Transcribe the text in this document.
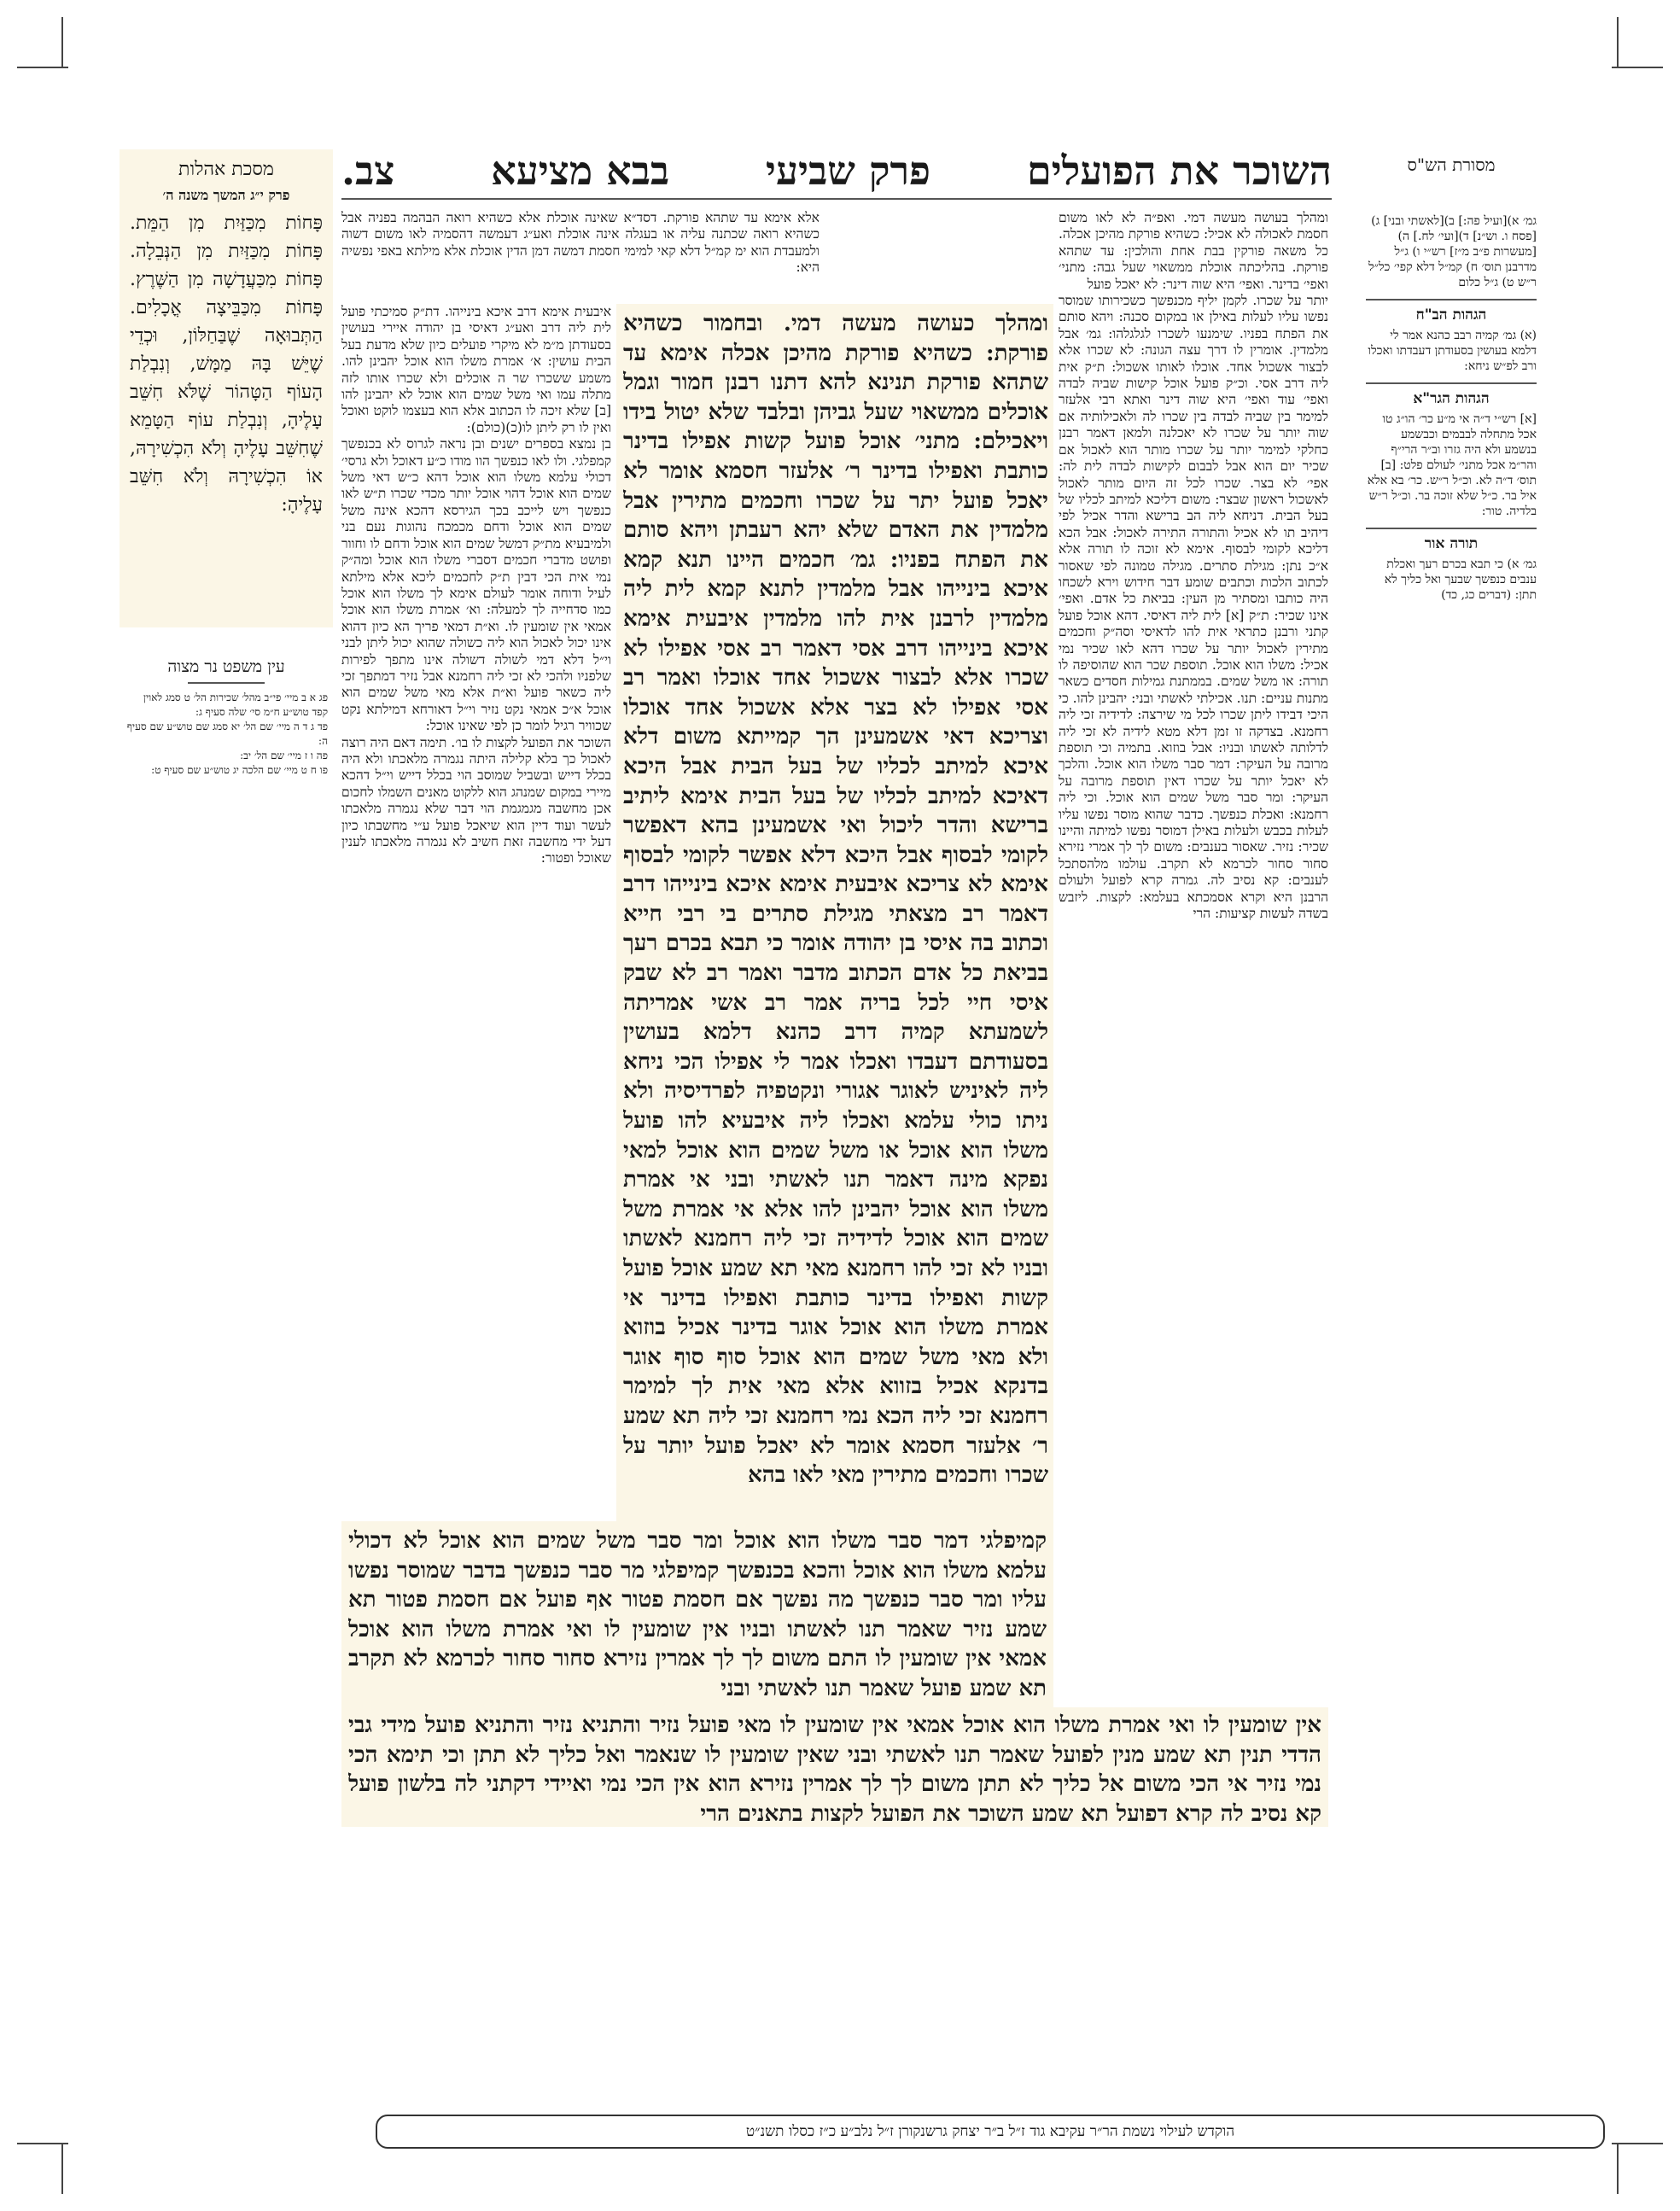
השוכר את הפועלים
פרק שביעי
בבא מציעא
צב.	מסורת הש"ס
גמ׳ א)[ועיל פה:] ב)[לאשתי ובני] ג)[פסח ו. וש״נ] ד)[ועי׳ לח.] ה)[מעשרות פ״ב מ״ז] רש״י ו) ג״ל מדרבנן תוס׳ ח) קמ״ל דלא קפי׳ כל״ל ר״ש ט) ג״ל כלום
הגהות הב"ח
(א) גמ׳ קמיה רבב כהנא אמר לי דלמא בעושין בסעודתן דעבדתו ואכלו ורב לפ״ש ניחא:
הגהות הגר"א
[א] רש״י ד״ה אי מ״ע כר׳ הו״ג טו אכל מתחלה לבבמים וכבשמע בנשמע ולא היה גזרו וב״ר הרי״ף והר״מ אכל מתני׳ לעולם פלט: [ב] תוס׳ ד״ה לא. וכ״ל ר״ש. כר׳ בא אלא איל בר. כ״ל שלא זוכה בר. וכ״ל ר״ש בלדיה. טור:
תורה אור
גמ׳ א) כי תבא בכרם רעך ואכלת ענבים כנפשך שבעך ואל כליך לא תתן: (דברים כג, כד)

ומהלך בעושה מעשה דמי. ואפ״ה לא לאו משום חסמת לאכולה לא אכיל: כשהיא פורקת מהיכן אכלה. כל משאה פורקין בבת אחת והולכין: עד שתהא פורקת. בהליכתה אוכלת ממשאוי שעל גבה: מתני׳ ואפי׳ בדינר. ואפי׳ היא שוה דינר: לא יאכל פועל

יותר על שכרו. לקמן יליף מכנפשך כשכירותו שמוסר נפשו עליו לעלות באילן או במקום סכנה: ויהא סותם את הפתח בפניו. שימנעו לשכרו לגלגלהו: גמ׳ אבל מלמדין. אומרין לו דרך עצה הגונה: לא שכרו אלא לבצור אשכול אחד. אוכלו לאותו אשכול: ת״ק אית ליה דרב אסי. וכ״ק פועל אוכל קישות שביה לבדה ואפי׳ עוד ואפי׳ היא שוה דינר ואתא רבי אלעזר למימר בין שביה לבדה בין שכרו לה ולאכילותיה אם שוה יותר על שכרו לא יאכלנה ולמאן דאמר רבנן כחלקי למימר יותר על שכרו מותר הוא לאכול אם שכיר יום הוא אבל לבבום לקישות לבדה לית לה: אפי׳ לא בצר. שכרו לכל זה היום מותר לאכול לאשכול ראשון שבצר: משום דליכא למיתב לכליו של בעל הבית. דניחא ליה הב ברישא והדר אכיל לפי דיהיב תו לא אכיל והתורה התירה לאכול: אבל הכא דליכא לקומי לבסוף. אימא לא זוכה לו תורה אלא א״כ נתן: מגילת סתרים. מגילה טמונה לפי שאסור לכתוב הלכות וכתבים שומע דבר חידוש וירא לשכחו היה כותבו ומסתיר מן העין: בביאת כל אדם. ואפי׳ אינו שכיר: ת״ק [א] לית ליה דאיסי. דהא אוכל פועל קתני ורבנן כתראי אית להו לדאיסי וסה״ק וחכמים מתירין לאכול יותר על שכרו דהא לאו שכיר נמי אכיל: משלו הוא אוכל. תוספת שכר הוא שהוסיפה לו תורה: או משל שמים. בממתנת גמילות חסדים כשאר מתנות עניים: תנו. אכילתי לאשתי ובני: יהבינן להו. כי היכי דבידו ליתן שכרו לכל מי שירצה: לדידיה זכי ליה רחמנא. בצדקה זו זמן דלא מטא לידיה לא זכי ליה לדלותה לאשתו ובניו: אבל בוזוא. בתמיה וכי תוספת מרובה על העיקר: דמר סבר משלו הוא אוכל. והלכך לא יאכל יותר על שכרו דאין תוספת מרובה על העיקר: ומר סבר משל שמים הוא אוכל. וכי ליה רחמנא: ואכלת כנפשך. כדבר שהוא מוסר נפשו עליו לעלות בכבש ולעלות באילן דמוסר נפשו למיתה והיינו שכיר: נזיר. שאסור בענבים: משום לך לך אמרי נזירא סחור סחור לכרמא לא תקרב. עולמו מלהסתכל לענבים: קא נסיב לה. גמרה קרא לפועל ולעולם הרבנן היא וקרא אסמכתא בעלמא: לקצות. ליזבש בשדה לעשות קציעות: הרי

אלא אימא עד שתהא פורקת. דסד״א שאינה אוכלת אלא כשהיא רואה הבהמה בפניה אבל כשהיא רואה שכתנה עליה או בעגלה אינה אוכלת ואע״ג דעמשה דהסמיה לאו משום דשוה ולמעבדת הוא ימ קמ״ל דלא קאי למימי חסמת דמשה דמן הדין אוכלת אלא מילתא באפי נפשיה היא:

איבעית אימא דרב איכא בינייהו. דת״ק סמיכתי פועל לית ליה דרב ואע״ג דאיסי בן יהודה איירי בעושין בסעודתן מ״מ לא מיקרי פועלים כיון שלא מדעת בעל הבית עושין: א׳ אמרת משלו הוא אוכל יהבינן להו. משמע ששכרו שר ה אוכלים ולא שכרו אותו לזה מתלה עמו ואי משל שמים הוא אוכל לא יהבינן להו [ב] שלא זיכה לו הכתוב אלא הוא בעצמו לוקט ואוכל ואין לו רק ליתן לו(כ)(כולם):

בן נמצא בספרים ישנים ובן נראה לגרוס לא בכנפשך קמפלגי. ולו לאו כנפשך הוו מודו כ״ע דאוכל ולא גרסי׳ דכולי עלמא משלו הוא אוכל דהא כ״ש דאי משל שמים הוא אוכל דהוי אוכל יותר מכדי שכרו ת״ש לאו כנפשך ויש לייכב בכך הגירסא דהכא אינה משל שמים הוא אוכל ודחם מכמכח נהוגות נעם בני ולמיבעיא מת״ק דמשל שמים הוא אוכל ודחם לו וחוור ופושט מדברי חכמים דסברי משלו הוא אוכל ומה״ק נמי אית הכי דבין ת״ק לחכמים ליכא אלא מילתא לעיל ודוחה אומר לעולם אימא לך משלו הוא אוכל כמו סדחייה לך למעלה: וא׳ אמרת משלו הוא אוכל אמאי אין שומעין לו. וא״ת דמאי פריך הא כיון דהוא אינו יכול לאכול הוא ליה כשולה שהוא יכול ליתן לבני וי״ל דלא דמי לשולה דשולה אינו מתפך לפירות שלפניו ולהכי לא זכי ליה רחמנא אבל נזיר דמתפך זכי ליה כשאר פועל וא״ת אלא מאי משל שמים הוא אוכל א״כ אמאי נקט נזיר וי״ל דאורחא דמילתא נקט שכוויר רגיל לומר כן לפי שאינו אוכל:

השוכר את הפועל לקצות לו בו׳. תימה דאם היה רוצה לאכול כך בלא קלילה היתה נגמרה מלאכתו ולא היה בכלל דייש ובשביל שמוסב הוי בכלל דייש וי״ל דהכא מיירי במקום שמנהג הוא ללקוט מאנים השמלו לחכום אכן מחשבה מגמגמת הוי דבר שלא נגמרה מלאכתו לעשר ועוד דיין הוא שיאכל פועל ע״י מחשבתו כיון דעל ידי מחשבה זאת חשיב לא נגמרה מלאכתו לענין שאוכל ופטור:

ומהלך כעושה מעשה דמי. ובחמור כשהיא פורקת: כשהיא פורקת מהיכן אכלה אימא עד שתהא פורקת תנינא להא דתנו רבנן חמור וגמל אוכלים ממשאוי שעל גביהן ובלבד שלא יטול בידו ויאכילם: מתני׳ אוכל פועל קשות אפילו בדינר כותבת ואפילו בדינר ר׳ אלעזר חסמא אומר לא יאכל פועל יתר על שכרו וחכמים מתירין אבל מלמדין את האדם שלא יהא רעבתן ויהא סותם את הפתח בפניו: גמ׳ חכמים היינו תנא קמא איכא בינייהו אבל מלמדין לתנא קמא לית ליה מלמדין לרבנן אית להו מלמדין איבעית אימא איכא בינייהו דרב אסי דאמר רב אסי אפילו לא שכרו אלא לבצור אשכול אחד אוכלו ואמר רב אסי אפילו לא בצר אלא אשכול אחד אוכלו וצריכא דאי אשמעינן הך קמייתא משום דלא איכא למיתב לכליו של בעל הבית אבל היכא דאיכא למיתב לכליו של בעל הבית אימא ליתיב ברישא והדר ליכול ואי אשמעינן בהא דאפשר לקומי לבסוף אבל היכא דלא אפשר לקומי לבסוף אימא לא צריכא איבעית אימא איכא בינייהו דרב דאמר רב מצאתי מגילת סתרים בי רבי חייא וכתוב בה איסי בן יהודה אומר כי תבא בכרם רעך בביאת כל אדם הכתוב מדבר ואמר רב לא שבק איסי חיי לכל בריה אמר רב אשי אמריתה לשמעתא קמיה דרב כהנא דלמא בעושין בסעודתם דעבדו ואכלו אמר לי אפילו הכי ניחא ליה לאיניש לאוגר אגורי ונקטפיה לפרדיסיה ולא ניתו כולי עלמא ואכלו ליה איבעיא להו פועל משלו הוא אוכל או משל שמים הוא אוכל למאי נפקא מינה דאמר תנו לאשתי ובני אי אמרת משלו הוא אוכל יהבינן להו אלא אי אמרת משל שמים הוא אוכל לדידיה זכי ליה רחמנא לאשתו ובניו לא זכי להו רחמנא מאי תא שמע אוכל פועל קשות ואפילו בדינר כותבת ואפילו בדינר אי אמרת משלו הוא אוכל אוגר בדינר אכיל בוזוא ולא מאי משל שמים הוא אוכל סוף סוף אוגר בדנקא אכיל בזווא אלא מאי אית לך למימר רחמנא זכי ליה הכא נמי רחמנא זכי ליה תא שמע ר׳ אלעזר חסמא אומר לא יאכל פועל יותר על שכרו וחכמים מתירין מאי לאו בהא

קמיפלגי דמר סבר משלו הוא אוכל ומר סבר משל שמים הוא אוכל לא דכולי עלמא משלו הוא אוכל והכא בכנפשך קמיפלגי מר סבר כנפשך בדבר שמוסר נפשו עליו ומר סבר כנפשך מה נפשך אם חסמת פטור אף פועל אם חסמת פטור תא שמע נזיר שאמר תנו לאשתו ובניו אין שומעין לו ואי אמרת משלו הוא אוכל אמאי אין שומעין לו התם משום לך לך אמרין נזירא סחור סחור לכרמא לא תקרב תא שמע פועל שאמר תנו לאשתי ובני

אין שומעין לו ואי אמרת משלו הוא אוכל אמאי אין שומעין לו מאי פועל נזיר והתניא נזיר והתניא פועל מידי גבי הדדי תנין תא שמע מנין לפועל שאמר תנו לאשתי ובני שאין שומעין לו שנאמר ואל כליך לא תתן וכי תימא הכי נמי נזיר אי הכי משום אל כליך לא תתן משום לך לך אמרין נזירא הוא אין הכי נמי ואיידי דקתני לה בלשון פועל קא נסיב לה קרא דפועל תא שמע השוכר את הפועל לקצות בתאנים הרי

מסכת אהלות
פרק י״ג המשך משנה ה׳

פָּחוֹת מִכַּזַּיִת מִן הַמֵּת. פָּחוֹת מִכַּזַּיִת מִן הַנְּבֵלָה. פָּחוֹת מִכַּעֲדָשָׁה מִן הַשֶּׁרֶץ. פָּחוֹת מִכַּבֵּיצָה אֳכָלִים. הַתְּבוּאָה שֶׁבַּחַלּוֹן, וּכְדֵי שֶׁיֵּשׁ בָּהּ מַמָּשׁ, וְנִבְלַת הָעוֹף הַטָּהוֹר שֶׁלֹּא חִשֵּׁב עָלֶיהָ, וְנִבְלַת עוֹף הַטָּמֵא שֶׁחִשֵּׁב עָלֶיהָ וְלֹא הִכְשִׁירָהּ, אוֹ הִכְשִׁירָהּ וְלֹא חִשֵּׁב עָלֶיהָ:

עין משפט נר מצוה
פג א ב מיי׳ פי״ב מהל׳ שכירות הל׳ ט סמג לאוין קפד טוש״ע ח״מ סי׳ שלה סעיף ג:
פד ג ד ה מיי׳ שם הל׳ יא סמג שם טוש״ע שם סעיף ה:
פה ו ז מיי׳ שם הל׳ יב:
פו ח ט מיי׳ שם הלכה יג טוש״ע שם סעיף ט:
הוקדש לעילוי נשמת הר״ר עקיבא גוד ז״ל ב״ר יצחק גרשנקורן ז״ל נלב״ע כ״ז כסלו תשנ״ט
